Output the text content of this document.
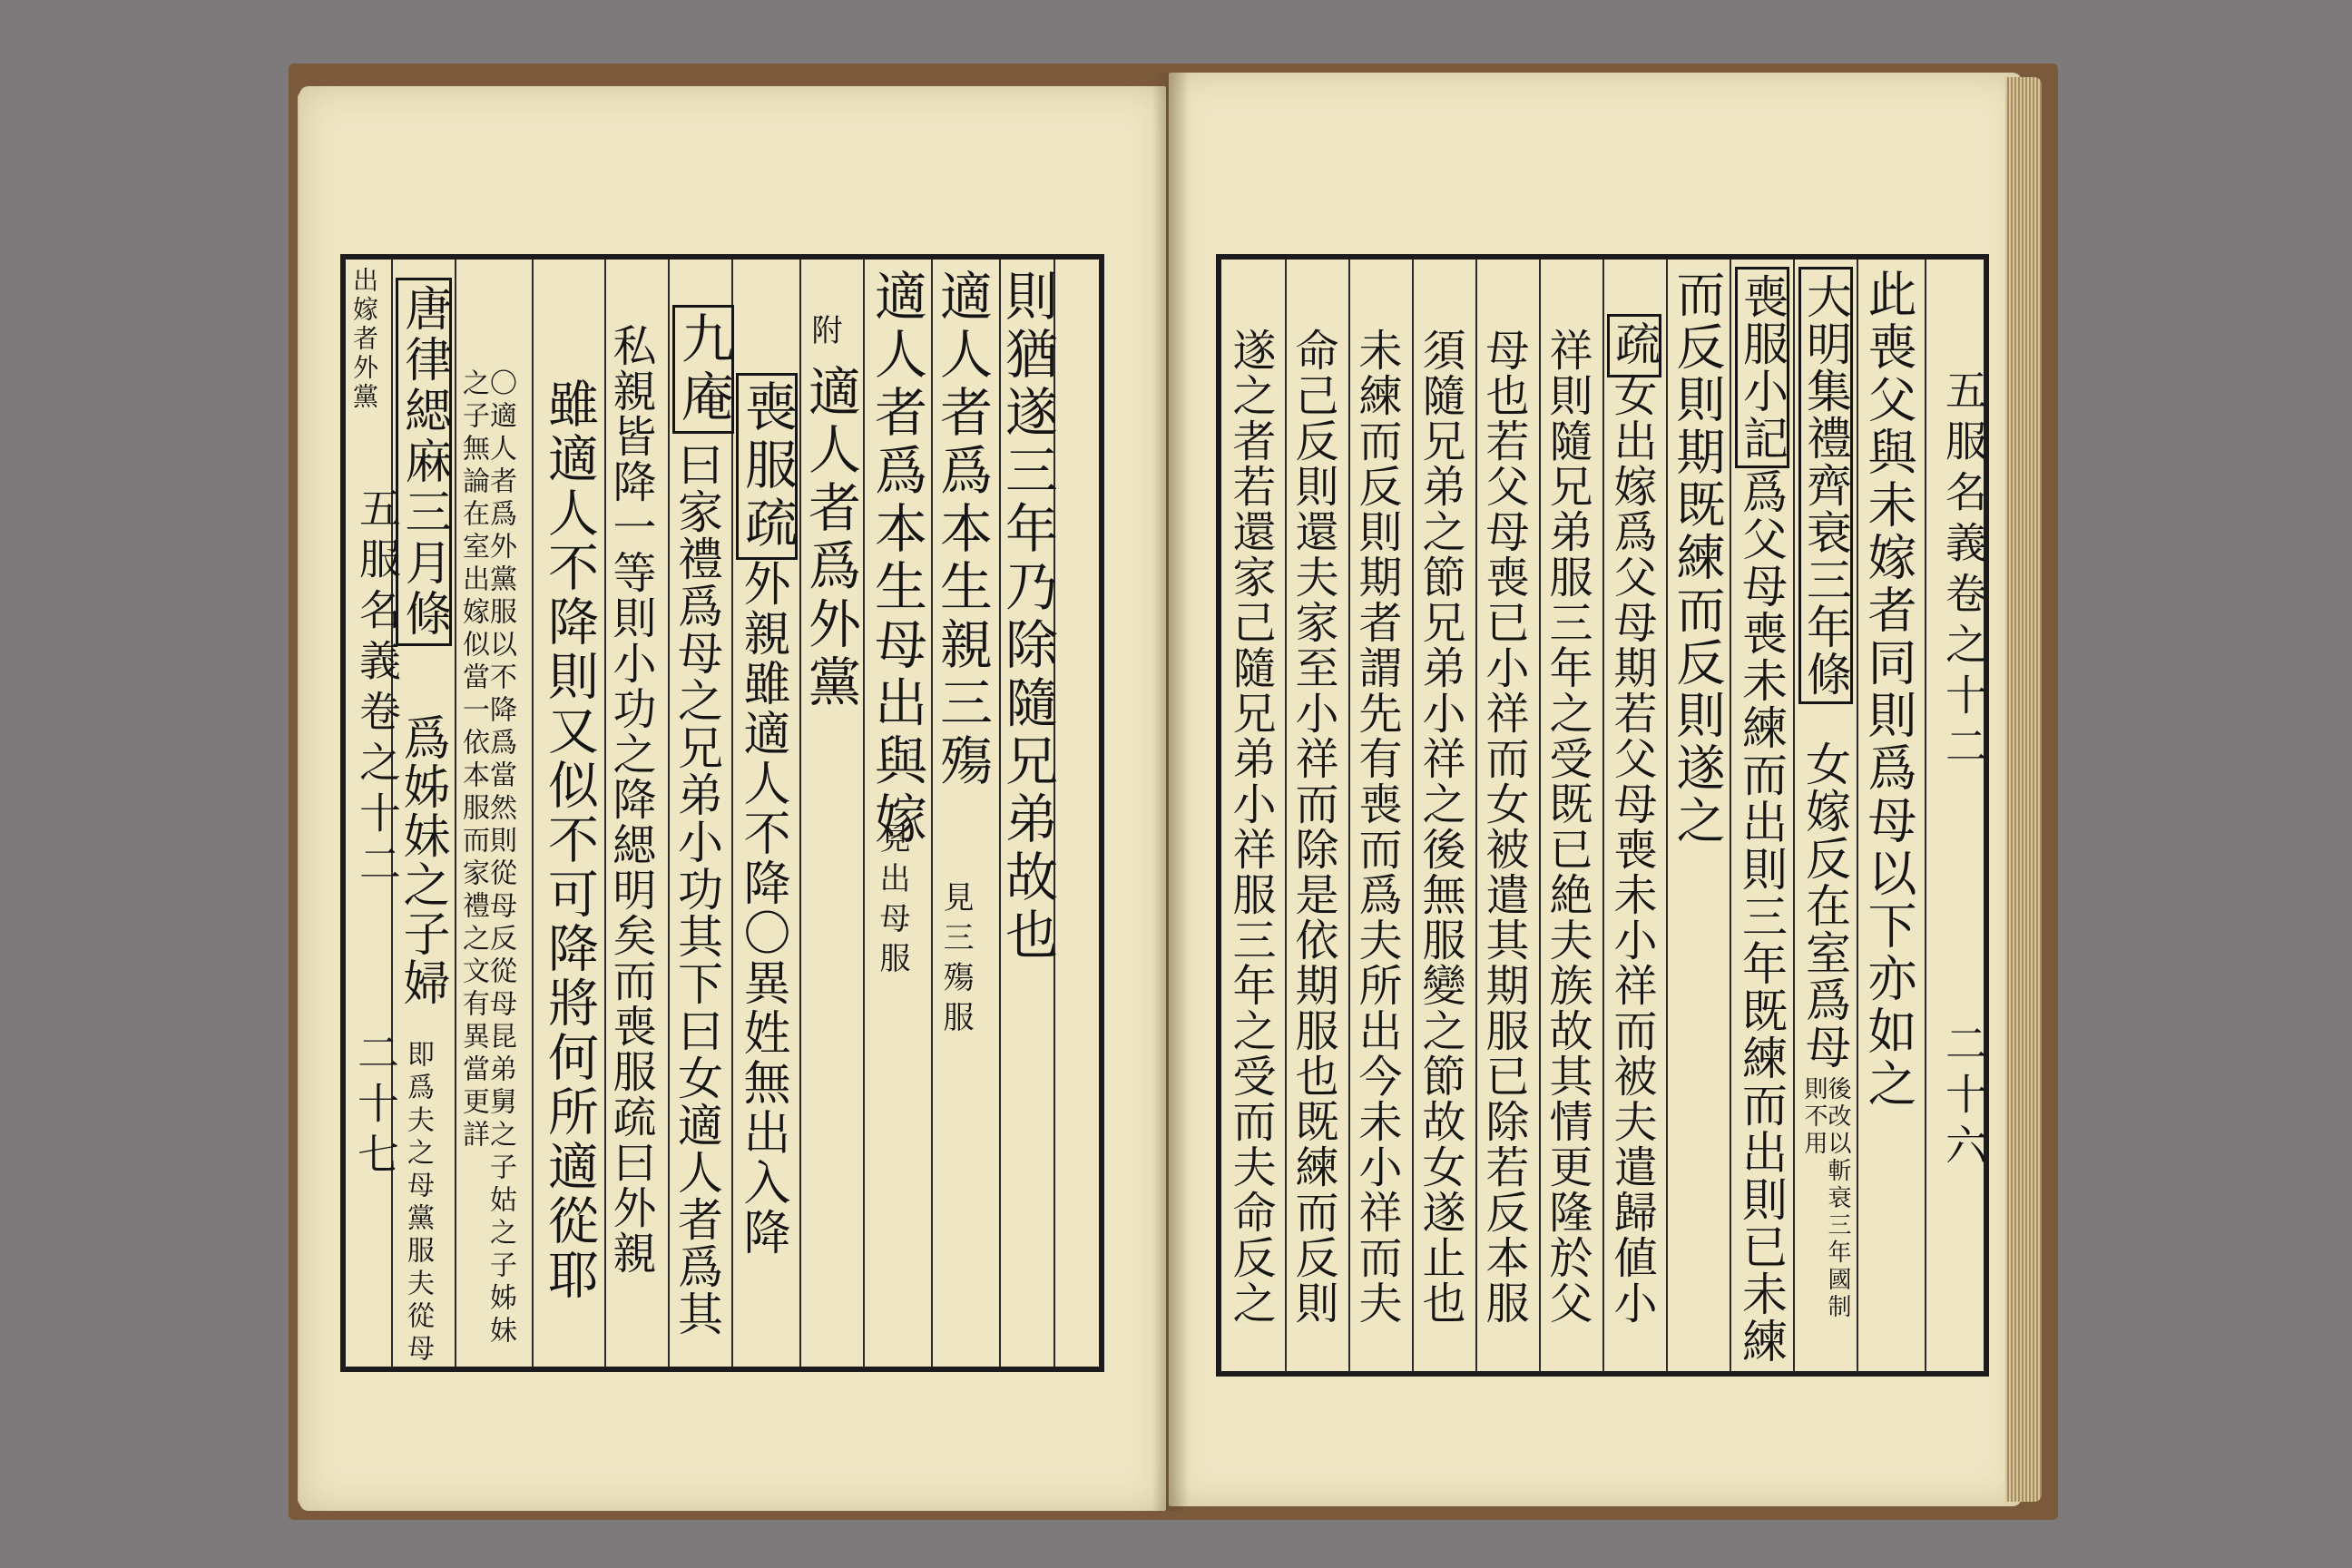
出嫁者外黨
五服名義卷之十二
二十七
則猶遂三年乃除隨兄弟故也
適人者爲本生親三殤
見三殤服
適人者爲本生母出與嫁
見出母服
附
適人者爲外黨
喪服疏
外親雖適人不降〇異姓無出入降
九庵
曰家禮爲母之兄弟小功其下曰女適人者爲其
私親皆降一等則小功之降緦明矣而喪服疏曰外親
雖適人不降則又似不可降將何所適從耶
〇適人者爲外黨服以不降爲當然則從母反從母昆弟舅之子姑之子姊妹之子無論在室出嫁似當一依本服而家禮之文有異當更詳
唐律緦麻三月條
爲姊妹之子婦
即爲夫之母黨服夫從母
五服名義卷之十二
二十六
此喪父與未嫁者同則爲母以下亦如之
大明集禮齊衰三年條
女嫁反在室爲母
後改以斬衰三年國制則不用
喪服小記
爲父母喪未練而出則三年既練而出則已未練
而反則期既練而反則遂之
疏
女出嫁爲父母期若父母喪未小祥而被夫遣歸値小
祥則隨兄弟服三年之受既已絶夫族故其情更隆於父
母也若父母喪已小祥而女被遣其期服已除若反本服
須隨兄弟之節兄弟小祥之後無服變之節故女遂止也
未練而反則期者謂先有喪而爲夫所出今未小祥而夫
命己反則還夫家至小祥而除是依期服也既練而反則
遂之者若還家己隨兄弟小祥服三年之受而夫命反之
